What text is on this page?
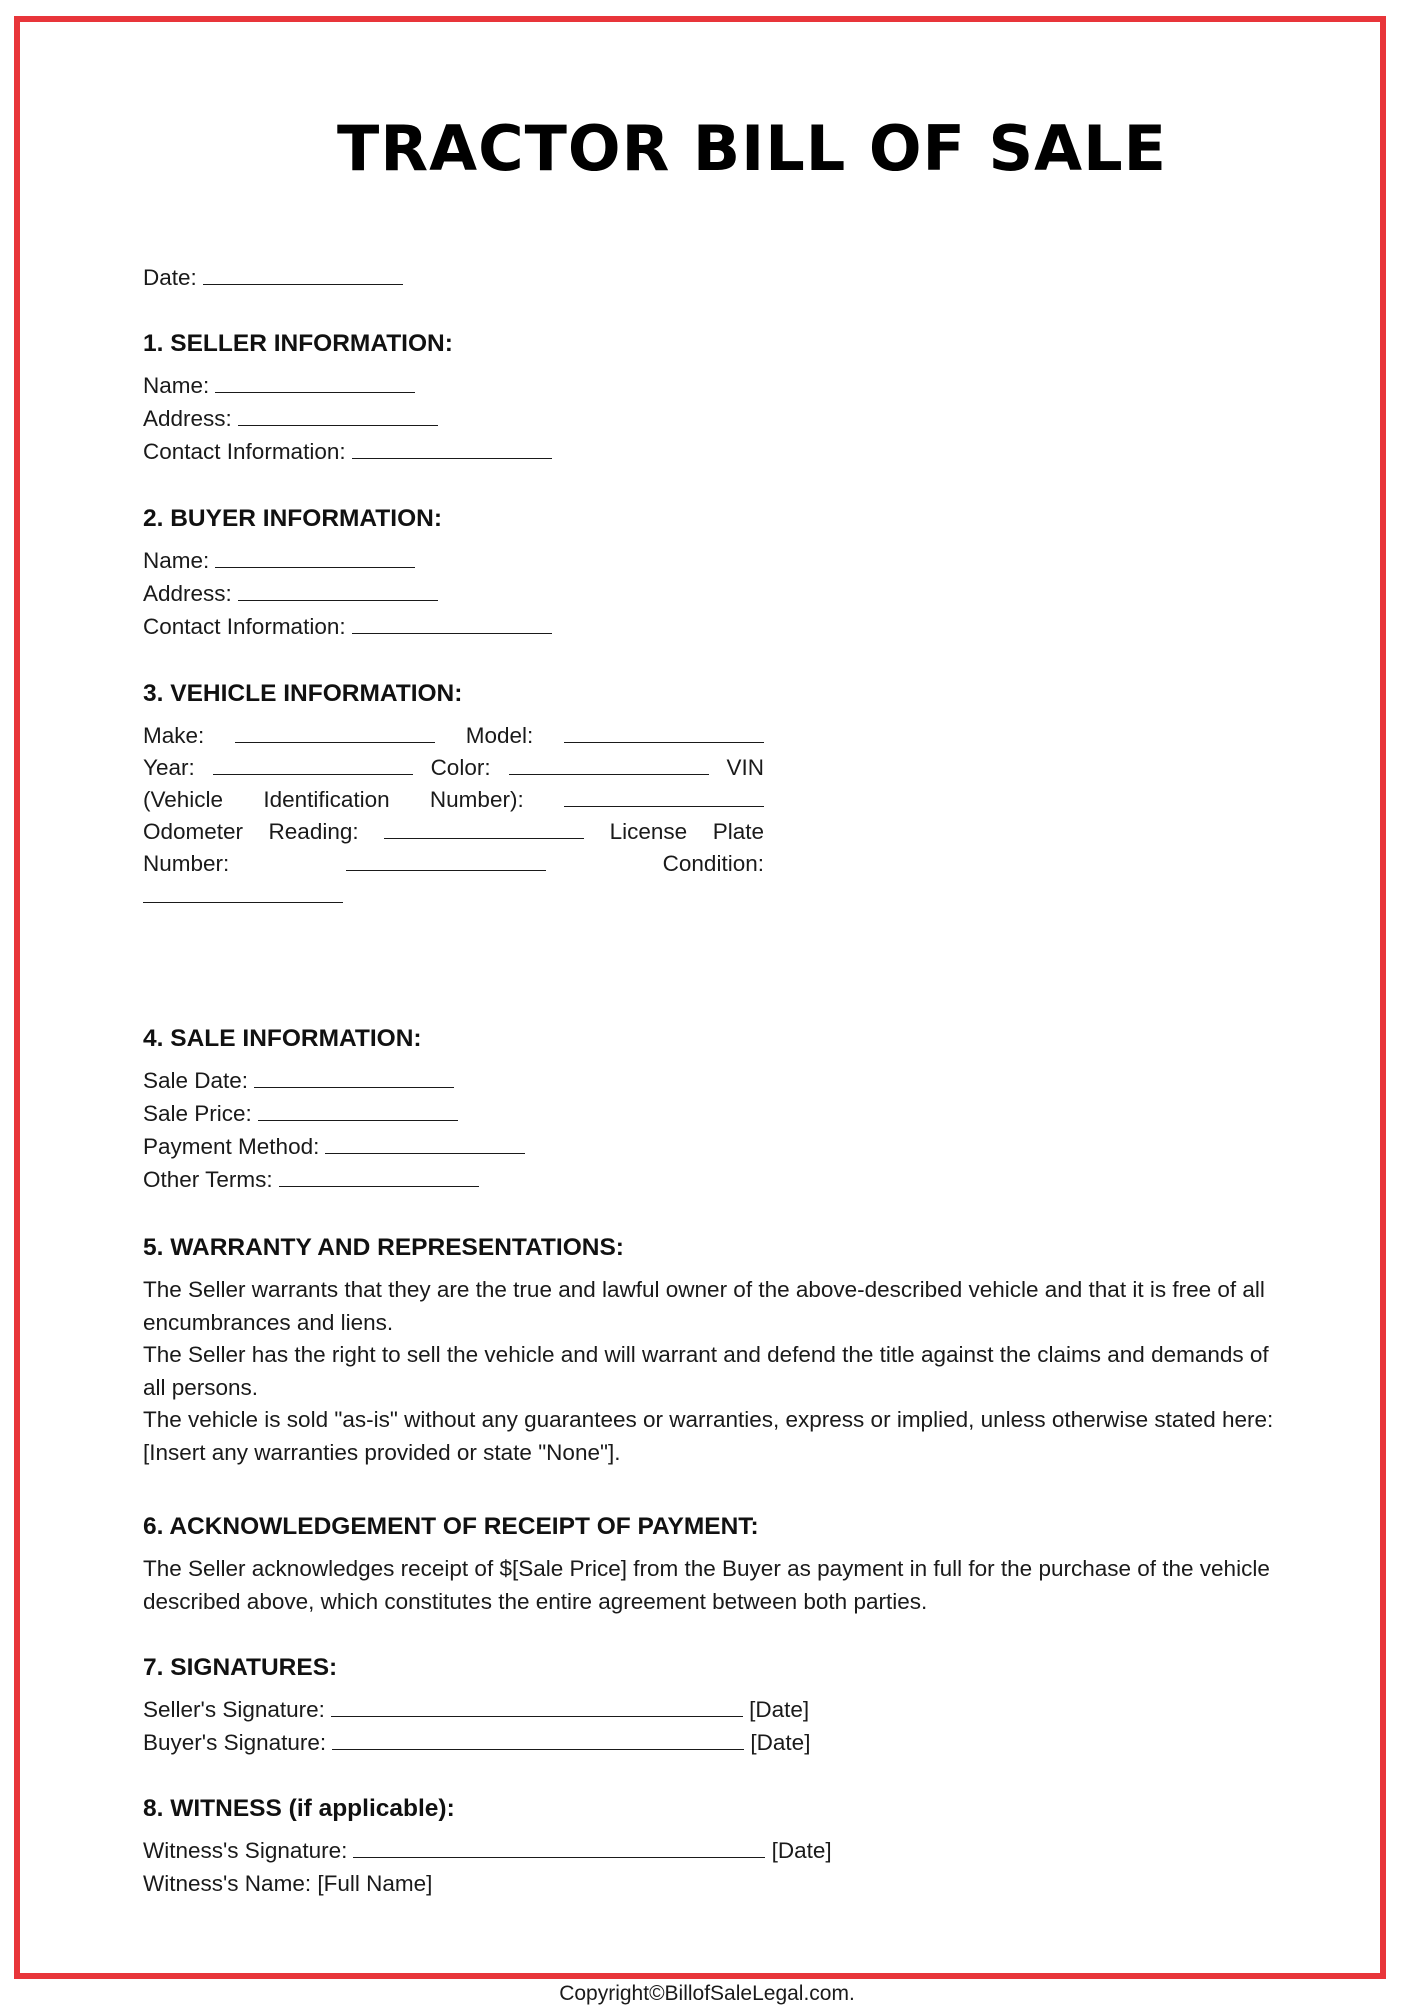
TRACTOR BILL OF SALE
Date:
1. SELLER INFORMATION:
Name:
Address:
Contact Information:
2. BUYER INFORMATION:
Name:
Address:
Contact Information:
3. VEHICLE INFORMATION:
Make:	Model:
Year:	Color:	VIN
(Vehicle Identification Number):
Odometer Reading:	License Plate
Number:	Condition:
4. SALE INFORMATION:
Sale Date:
Sale Price:
Payment Method:
Other Terms:
5. WARRANTY AND REPRESENTATIONS:
The Seller warrants that they are the true and lawful owner of the above-described vehicle and that it is free of all encumbrances and liens.
The Seller has the right to sell the vehicle and will warrant and defend the title against the claims and demands of all persons.
The vehicle is sold "as-is" without any guarantees or warranties, express or implied, unless otherwise stated here: [Insert any warranties provided or state "None"].
6. ACKNOWLEDGEMENT OF RECEIPT OF PAYMENT:
The Seller acknowledges receipt of $[Sale Price] from the Buyer as payment in full for the purchase of the vehicle described above, which constitutes the entire agreement between both parties.
7. SIGNATURES:
Seller's Signature:	[Date]
Buyer's Signature:	[Date]
8. WITNESS (if applicable):
Witness's Signature:	[Date]
Witness's Name: [Full Name]
Copyright©BillofSaleLegal.com.
